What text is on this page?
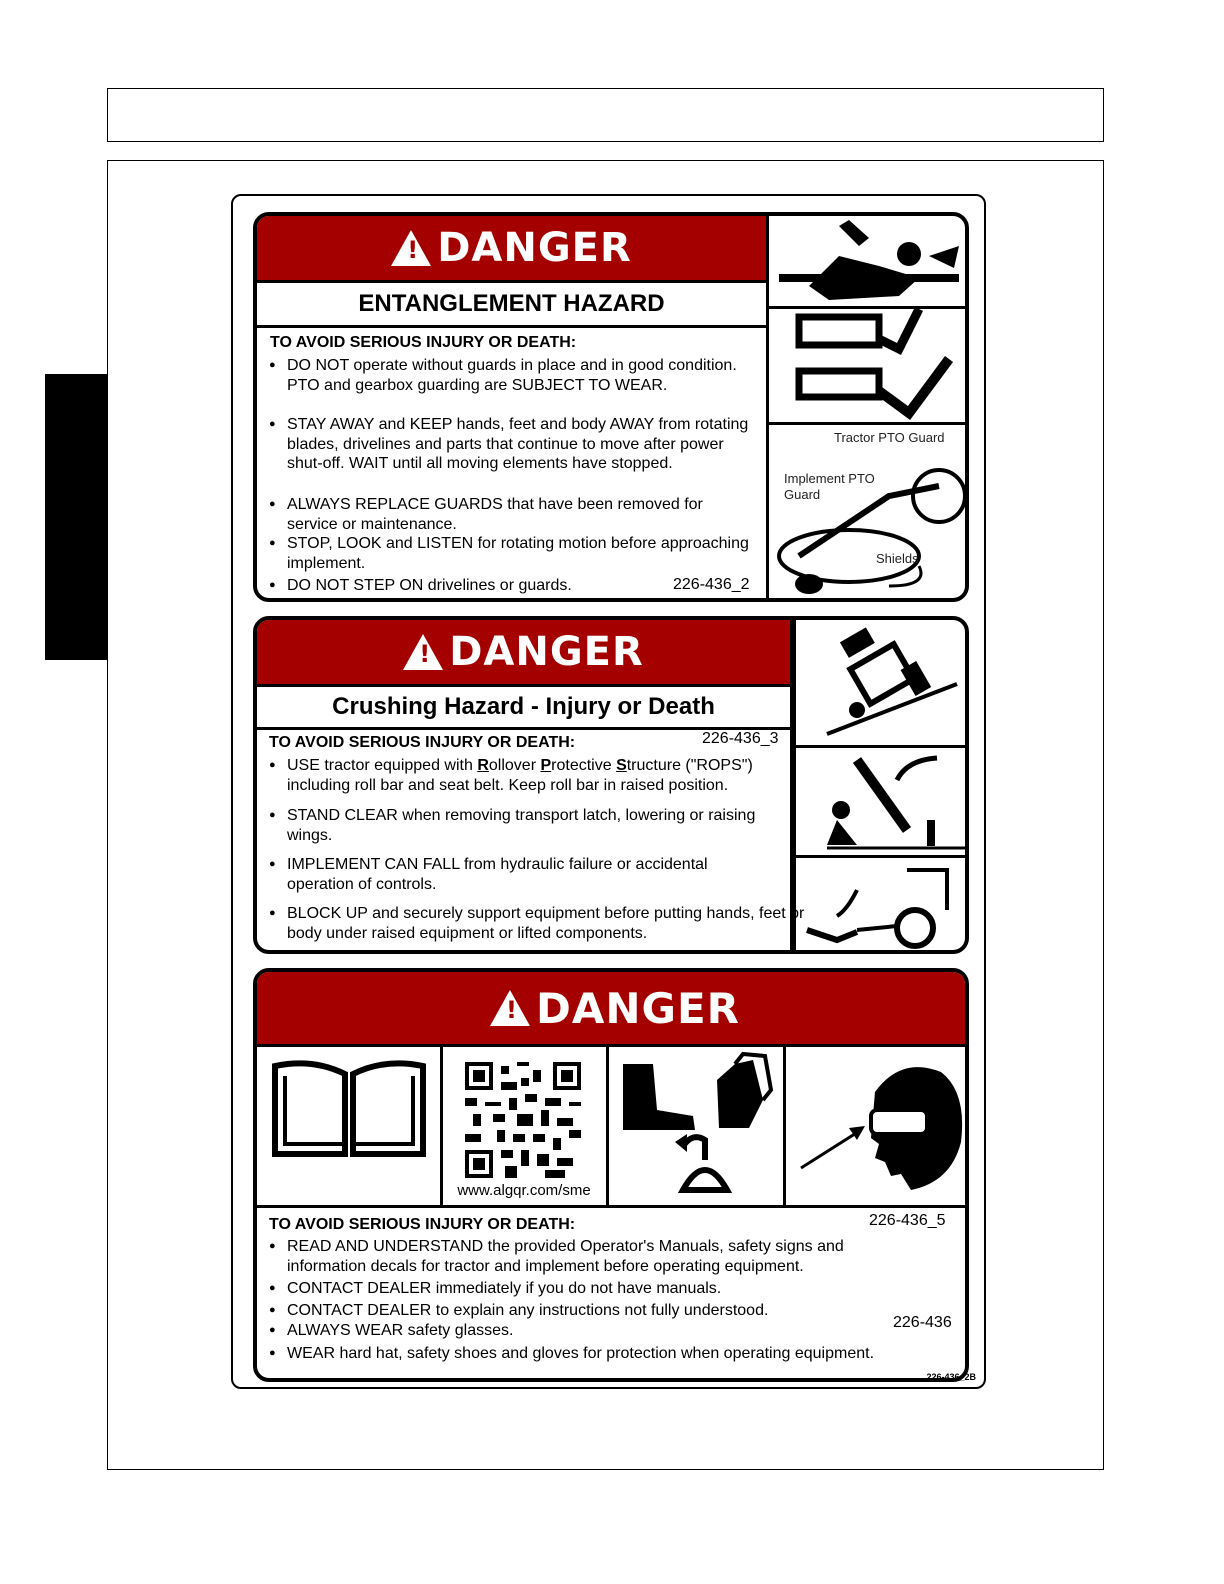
! DANGER
ENTANGLEMENT HAZARD
TO AVOID SERIOUS INJURY OR DEATH:
● DO NOT operate without guards in place and in good condition. PTO and gearbox guarding are SUBJECT TO WEAR.
● STAY AWAY and KEEP hands, feet and body AWAY from rotating blades, drivelines and parts that continue to move after power shut-off. WAIT until all moving elements have stopped.
● ALWAYS REPLACE GUARDS that have been removed for service or maintenance.
● STOP, LOOK and LISTEN for rotating motion before approaching implement.
● DO NOT STEP ON drivelines or guards.	226-436_2
Tractor PTO Guard
Implement PTO
Guard
Shields
! DANGER
Crushing Hazard - Injury or Death
TO AVOID SERIOUS INJURY OR DEATH:	226-436_3
● USE tractor equipped with Rollover Protective Structure ("ROPS") including roll bar and seat belt. Keep roll bar in raised position.
● STAND CLEAR when removing transport latch, lowering or raising wings.
● IMPLEMENT CAN FALL from hydraulic failure or accidental operation of controls.
● BLOCK UP and securely support equipment before putting hands, feet or body under raised equipment or lifted components.
! DANGER
www.algqr.com/sme
TO AVOID SERIOUS INJURY OR DEATH:	226-436_5
● READ AND UNDERSTAND the provided Operator's Manuals, safety signs and information decals for tractor and implement before operating equipment.
● CONTACT DEALER immediately if you do not have manuals.
● CONTACT DEALER to explain any instructions not fully understood.
226-436
● ALWAYS WEAR safety glasses.
● WEAR hard hat, safety shoes and gloves for protection when operating equipment.
226-436_2B
